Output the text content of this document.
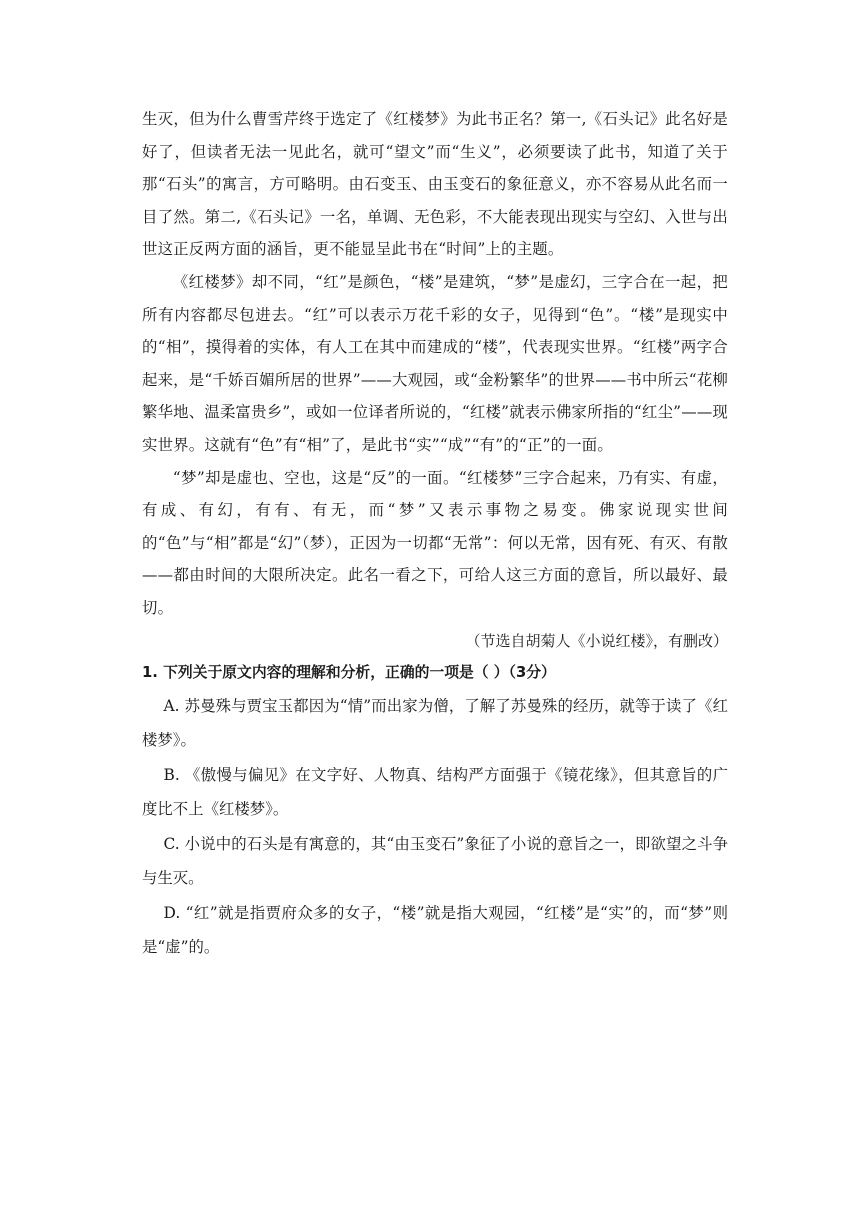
生灭，但为什么曹雪芹终于选定了《红楼梦》为此书正名？第一,《石头记》此名好是好了，但读者无法一见此名，就可“望文”而“生义”，必须要读了此书，知道了关于那“石头”的寓言，方可略明。由石变玉、由玉变石的象征意义，亦不容易从此名而一目了然。第二,《石头记》一名，单调、无色彩，不大能表现出现实与空幻、入世与出世这正反两方面的涵旨，更不能显呈此书在“时间”上的主题。

《红楼梦》却不同，“红”是颜色，“楼”是建筑，“梦”是虚幻，三字合在一起，把所有内容都尽包进去。“红”可以表示万花千彩的女子，见得到“色”。“楼”是现实中的“相”，摸得着的实体，有人工在其中而建成的“楼”，代表现实世界。“红楼”两字合起来，是“千娇百媚所居的世界”——大观园，或“金粉繁华”的世界——书中所云“花柳繁华地、温柔富贵乡”，或如一位译者所说的，“红楼”就表示佛家所指的“红尘”——现实世界。这就有“色”有“相”了，是此书“实”“成”“有”的“正”的一面。

“梦”却是虚也、空也，这是“反”的一面。“红楼梦”三字合起来，乃有实、有虚，有成、有幻，有有、有无，而“梦”又表示事物之易变。佛家说现实世间的“色”与“相”都是“幻”（梦），正因为一切都“无常”：何以无常，因有死、有灭、有散——都由时间的大限所决定。此名一看之下，可给人这三方面的意旨，所以最好、最切。

（节选自胡菊人《小说红楼》，有删改）

1. 下列关于原文内容的理解和分析，正确的一项是（ ）（3分）

A. 苏曼殊与贾宝玉都因为“情”而出家为僧，了解了苏曼殊的经历，就等于读了《红楼梦》。

B. 《傲慢与偏见》在文字好、人物真、结构严方面强于《镜花缘》，但其意旨的广度比不上《红楼梦》。

C. 小说中的石头是有寓意的，其“由玉变石”象征了小说的意旨之一，即欲望之斗争与生灭。

D. “红”就是指贾府众多的女子，“楼”就是指大观园，“红楼”是“实”的，而“梦”则是“虚”的。
